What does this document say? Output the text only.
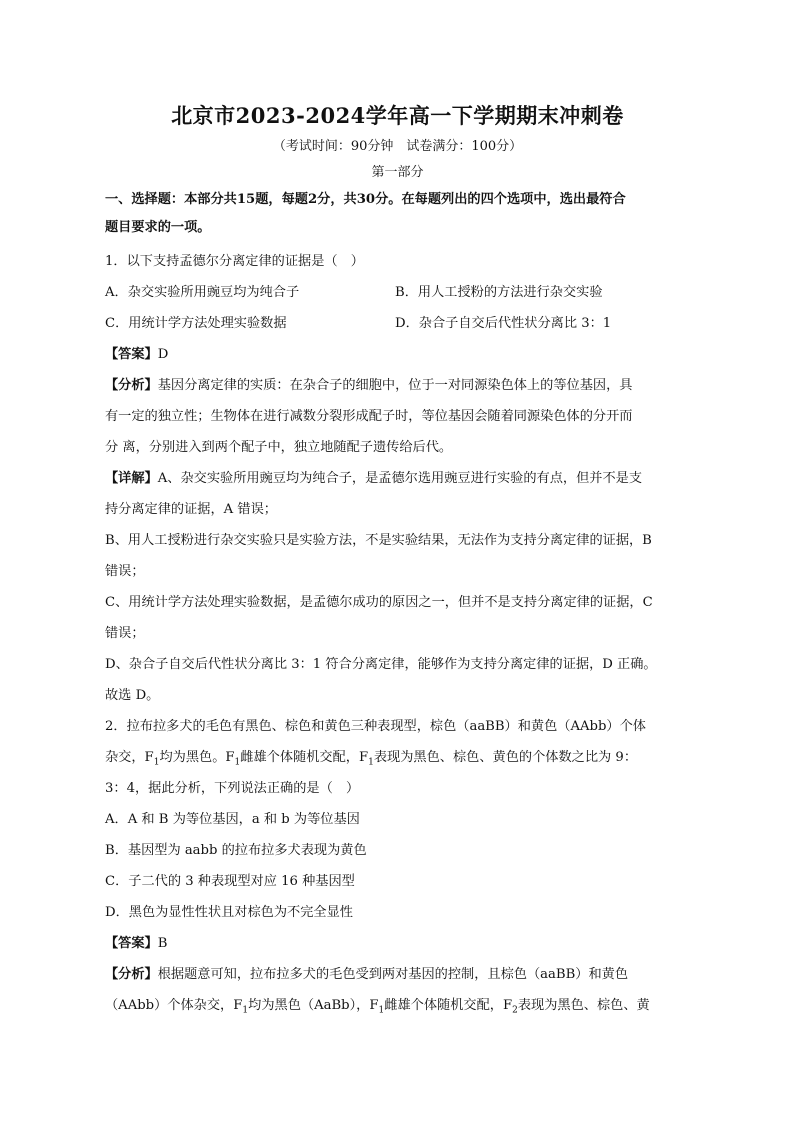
北京市2023-2024学年高一下学期期末冲刺卷
（考试时间：90分钟　试卷满分：100分）
第一部分

一、选择题：本部分共15题，每题2分，共30分。在每题列出的四个选项中，选出最符合

题目要求的一项。

1．以下支持孟德尔分离定律的证据是（　）

A．杂交实验所用豌豆均为纯合子	B．用人工授粉的方法进行杂交实验
C．用统计学方法处理实验数据	D．杂合子自交后代性状分离比 3：1

【答案】D

【分析】基因分离定律的实质：在杂合子的细胞中，位于一对同源染色体上的等位基因，具

有一定的独立性；生物体在进行减数分裂形成配子时，等位基因会随着同源染色体的分开而

分 离，分别进入到两个配子中，独立地随配子遗传给后代。

【详解】A、杂交实验所用豌豆均为纯合子，是孟德尔选用豌豆进行实验的有点，但并不是支

持分离定律的证据，A 错误；

B、用人工授粉进行杂交实验只是实验方法，不是实验结果，无法作为支持分离定律的证据，B

错误；

C、用统计学方法处理实验数据，是孟德尔成功的原因之一，但并不是支持分离定律的证据，C

错误；

D、杂合子自交后代性状分离比 3：1 符合分离定律，能够作为支持分离定律的证据，D 正确。

故选 D。

2．拉布拉多犬的毛色有黑色、棕色和黄色三种表现型，棕色（aaBB）和黄色（AAbb）个体

杂交，$F_1$均为黑色。$F_1$雌雄个体随机交配，$F_1$表现为黑色、棕色、黄色的个体数之比为 9：

3：4，据此分析，下列说法正确的是（　）

A．A 和 B 为等位基因，a 和 b 为等位基因

B．基因型为 aabb 的拉布拉多犬表现为黄色

C．子二代的 3 种表现型对应 16 种基因型

D．黑色为显性性状且对棕色为不完全显性

【答案】B

【分析】根据题意可知，拉布拉多犬的毛色受到两对基因的控制，且棕色（aaBB）和黄色

（AAbb）个体杂交，$F_1$均为黑色（AaBb），$F_1$雌雄个体随机交配，$F_2$表现为黑色、棕色、黄
